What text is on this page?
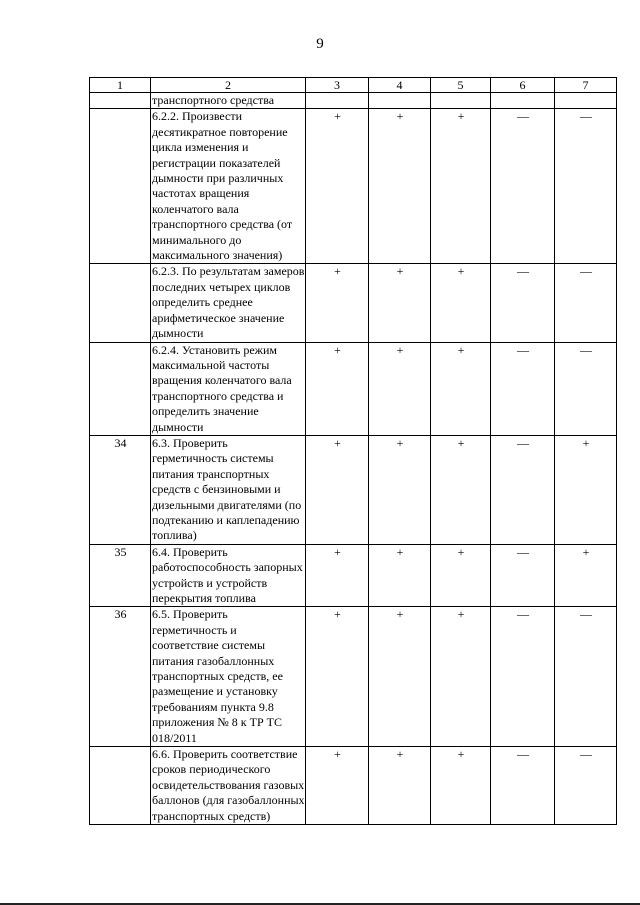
9
1	2	3	4	5	6	7
	транспортного средства					
	6.2.2. Произвести десятикратное повторение цикла изменения и регистрации показателей дымности при различных частотах вращения коленчатого вала транспортного средства (от минимального до максимального значения)	+	+	+	—	—
	6.2.3. По результатам замеров последних четырех циклов определить среднее арифметическое значение дымности	+	+	+	—	—
	6.2.4. Установить режим максимальной частоты вращения коленчатого вала транспортного средства и определить значение дымности	+	+	+	—	—
34	6.3. Проверить герметичность системы питания транспортных средств с бензиновыми и дизельными двигателями (по подтеканию и каплепадению топлива)	+	+	+	—	+
35	6.4. Проверить работоспособность запорных устройств и устройств перекрытия топлива	+	+	+	—	+
36	6.5. Проверить герметичность и соответствие системы питания газобаллонных транспортных средств, ее размещение и установку требованиям пункта 9.8 приложения № 8 к ТР ТС 018/2011	+	+	+	—	—
	6.6. Проверить соответствие сроков периодического освидетельствования газовых баллонов (для газобаллонных транспортных средств)	+	+	+	—	—
